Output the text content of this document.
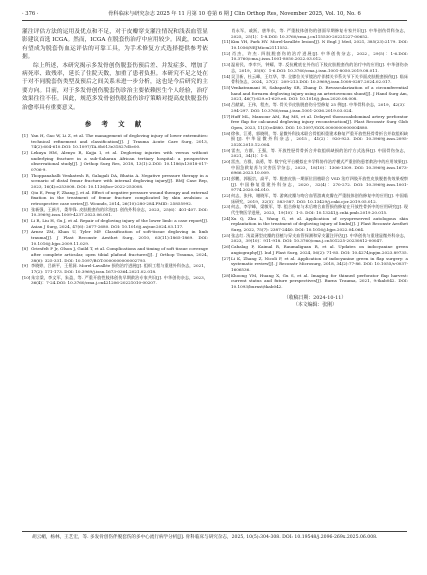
· 376 ·	骨科临床与研究杂志 2025 年 11 月第 10 卷第 6 期 J Clin Orthop Res, November 2025, Vol. 10, No. 6

灌注评估方法的运用及优点和不足，对于皮瓣穿支灌注情况和浅表血管显影建议首选 ICGA。然而，ICGA 在脱套伤治疗中应用较少。因此，ICGA 有望成为脱套伤血运评估的可靠工具，为手术修复方式选择提供参考依据。

综上所述，本研究揭示多发骨创伤脱套伤预后差、并发症多、增加了病死率、致残率，延长了住院天数，加重了患者负担。本研究不足之处在于对不同脱套伤类型及预后之间关系未进一步分析，这也是今后研究的主要方向。目前，对于多发骨创伤脱套伤诊治主要依赖医生个人经验，治疗效果往往不佳。因此，规范多发骨创伤脱套伤诊疗策略对提高皮肤脱套伤治愈率具有重要意义。

参 考 文 献

[1] Yan H, Gao W, Li Z, et al. The management of degloving injury of lower extremities: technical refinement and classification[J]. J Trauma Acute Care Surg, 2013, 74(2):604-610.DOI: 10.1097/TA.0b013e31827d5e00.

[2] Lekuya HM, Alenyo R, Kajja I, et al. Degloving injuries with versus without underlying fracture in a sub-Saharan African tertiary hospital: a prospective observational study[J]. J Orthop Surg Res, 2018, 13(1):2.DOI: 10.1186/s13018-017-0706-9.

[3] Thoppanahalli Venkatesh R, Galagali DA, Bhatia A. Negative pressure therapy in a scenario of distal femur fracture with internal degloving injury[J]. BMJ Case Rep, 2023, 16(4):e253008. DOI: 10.1136/bcr-2022-253008.

[4] Qiu E, Peng F, Zhang J, et al. Effect of negative pressure wound therapy and external fixation in the treatment of femur fracture complicated by skin avulsion: a retrospective case series[J]. Wounds, 2014, 26(10):280-284.PMID: 25855992.

[5] 张新强，王新月，娄华锋. 皮肤脱套伤的诊治[J]. 创伤外科杂志，2023，25(6)：401-407. DOI: 10.3969/j.issn.1009-4237.2023.06.001.

[6] Li R, Liu H, Gu J, et al. Repair of degloving injury of the lower limb: a case report[J]. Asian J Surg, 2024, 47(6): 2677-2680. DOI: 10.1016/j.asjsur.2024.03.117.

[7] Arnez ZM, Khan U, Tyler MP. Classification of soft-tissue degloving in limb trauma[J]. J Plast Reconstr Aesthet Surg, 2010, 63(11):1865-1869. DOI: 10.1016/j.bjps.2009.11.029.

[8] Griesfelt P Jr, Olson J, Guild T, et al. Complications and timing of soft tissue coverage after complete articular, open tibial plafond fractures[J]. J Orthop Trauma, 2024, 38(6): 325-331. DOI: 10.1097/BOT.0000000000002793.

[9] 李晓婷，吕新平，王景洞. Morel-Lavallée 损伤治疗进展[J]. 组织工程与重建外科杂志，2021，17(2): 171-173. DOI: 10.3969/j.issn.1673-0364.2021.02.018.

[10]朱宗梁，李文军，朱盈，等. 严重开放性肢体创伤早期救治专家共识[J]. 中华创伤杂志，2023，36(4)：7-24.DOI: 10.3760/cma.j.cn421206-20221010-00207.

肖永军，戚跃，唐华东，等. 严重肢体创伤的创面早期修复专家共识[J]. 中华创伤骨科杂志，2025，25(1)：1-8.DOI: 10.3760/cma.j.cn115530-20221227-00652.

[11]Kim YH, Park HY. Morel-lavallée lesion[J]. N Engl J Med, 2021, 385(23):2179. DOI: 10.1056/NEJMicm2111552.

[12]肖杰，许杰. 四肢脱套伤的治疗进展[J]. 中华创伤杂志，2022，29(5)：1-6.DOI: 10.3760/cma.j.issn.1001-8050.2022.03.012.

[13]温裕民，李幸兴，钟耀，等. 反抗靴底在外伤后下肢皮肤脱套伤的治疗中的应用[J]. 中华创伤杂志，2019，35(8)：1-6.DOI: 10.3760/cma.j.issn.1001-8050.2019.08.011.

[14]吴卫新，杜云峰，王红华，等. 全膝位关节镜治疗伴膝关节系关节下关节面皮肤脱套损伤[J]. 临床骨科杂志，2024，27(2)：209-213.DOI: 10.3969/j.issn.1008-0287.2024.02.017.

[15]Venkatramani H, Sabapathy SR, Zhang D. Revascularization of a circumferential hand and forearm degloving injury using an arteriovenous shunt[J]. J Hand Surg Am, 2021, 46(7):629.e1-629.e6. DOI: 10.1016/j.jhsa.2020.08.008.

[16]吕献斌，王伟，程杰，等. 骨关节皮肤脱套伤分型修复 25 例[J]. 中华骨科杂志，2019，42(3)：294-297. DOI: 10.3760/cma.j.issn.1001-2036.2019.03.024.

[17]Huff ML, Mansour AM, Raj MS, et al. Delayed thoracoabdominal artery perforator free flap for calcaneal degloving injury reconstruction[J]. Plast Reconstr Surg Glob Open, 2023, 11(3):e4880. DOI: 10.1097/GOX.0000000000004880.

[18]徐伟，江勇，郭晓明，等. 显微外科技术联合骨组织重建术修复严重开放性胫骨骨折合并软组织缺损[J]. 中华显微外科杂志，2015，41(2)：920-923. DOI: 10.3969/j.issn.2095-252X.2015.12.004.

[19]雷杰，方群，王强，等. 开放性胫骨骨折合并软组织缺损的治疗方式选择[J]. 中国骨伤杂志，2021，34(1)：1-5.

[20]雷杰，方群，高勇，等. 数字化平台模拟在多学科协作治疗模式严重创伤患者救治中的应用效果[J]. 中国急救复苏与灾害医学杂志，2023，18(10)：1306-1309. DOI: 10.3969/j.issn.1673-6966.2023.10.009.

[21]彭鹏，郭振宗，高平，等. 脱套皮肤一期原位回植联合 VSD 治疗四肢开放性皮肤脱套伤效果观察[J]. 中国修复重建外科杂志，2020，32(4)：270-272. DOI: 10.3969/j.issn.1001-9774.2020.04.010.

[22]何志，张伟，谢晓军，等. 游离皮瓣与吻合血管游离皮瓣在严重肢体创伤修复中的应用[J]. 中国临床研究，2019，32(5)：583-587. DOI: 10.13429/j.cnki.cjcr.2019.05.012.

[23]何志，李学峰，梁敏军，等. 组合修复与术后吻合血管损伤修复在开放性骨折中的应用研究[J]. 现代生物医学进展，2023，19(10)：1-5. DOI: 10.13241/j.cnki.pmb.2019.20.015.

[24]Xu Q, Zhu L, Wang G, et al. Application of cryopreserved autologous skin replantation in the treatment of degloving injury of limbs[J]. J Plast Reconstr Aesthet Surg, 2022, 75(7): 2387-2440. DOI: 10.1016/j.bjps.2022.04.064.

[25]张志红. 浅谈薄型皮瓣的回植与穿支血管探测和穿支灌注评估[J]. 中华创伤与重建显微外科杂志，2023，39(10)：911-918. DOI: 10.3760/cma.j.cn501225-20230812-00047.

[26]Cabalag P, Kaimal R, Raumaliguan R, et al. Updates on indocyanine green angiography[J]. Ind J Plast Surg, 2024, 56(2): 71-85. DOI: 10.4274/npjm.2023.89735.

[27]Li K, Zhang Z, Nicoli F, et al. Application of indocyanine green in flap surgery: a systematic review[J]. J Reconstr Microsurg, 2018, 34(2):77-86. DOI: 10.1055/s-0037-1606536.

[28]Khoong YM, Huang X, Gu S, et al. Imaging for thinned perforator flap harvest: current status and future perspectives[J]. Burns Trauma, 2021, 9:tkab042. DOI: 10.1093/burnst/tkab042.

（收稿日期：2024-10-11）
（本文编辑：张刚）
胡云嵋，杨林，王艺宏，等. 多发骨创伤伴脱套伤的多中心流行病学分析[J]. 骨科临床与研究杂志，2025, 10(5):304-308. DOI: 10.19548/j.2096-269x.2025.06.008.
